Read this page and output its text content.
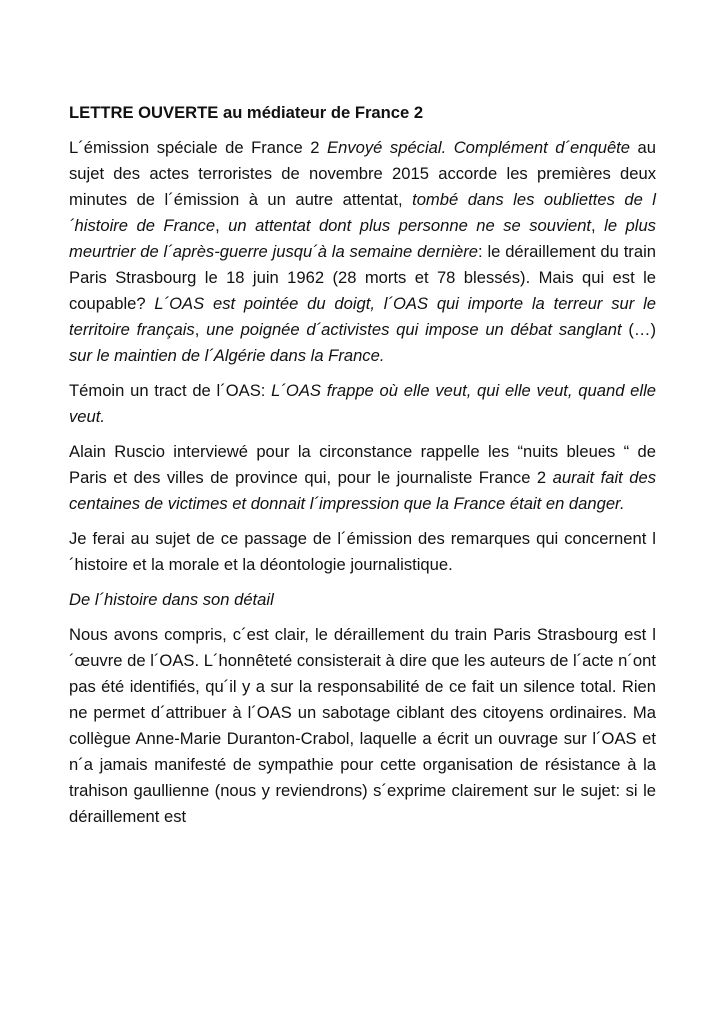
LETTRE OUVERTE au médiateur de France 2

L´émission spéciale de France 2 Envoyé spécial. Complément d´enquête au sujet des actes terroristes de novembre 2015 accorde les premières deux minutes de l´émission à un autre attentat, tombé dans les oubliettes de l´histoire de France, un attentat dont plus personne ne se souvient, le plus meurtrier de l´après-guerre jusqu´à la semaine dernière: le déraillement du train Paris Strasbourg le 18 juin 1962 (28 morts et 78 blessés). Mais qui est le coupable? L´OAS est pointée du doigt, l´OAS qui importe la terreur sur le territoire français, une poignée d´activistes qui impose un débat sanglant (…) sur le maintien de l´Algérie dans la France.

Témoin un tract de l´OAS: L´OAS frappe où elle veut, qui elle veut, quand elle veut.

Alain Ruscio interviewé pour la circonstance rappelle les “nuits bleues “ de Paris et des villes de province qui, pour le journaliste France 2 aurait fait des centaines de victimes et donnait l´impression que la France était en danger.

Je ferai au sujet de ce passage de l´émission des remarques qui concernent l´histoire et la morale et la déontologie journalistique.

De l´histoire dans son détail

Nous avons compris, c´est clair, le déraillement du train Paris Strasbourg est l´œuvre de l´OAS. L´honnêteté consisterait à dire que les auteurs de l´acte n´ont pas été identifiés, qu´il y a sur la responsabilité de ce fait un silence total. Rien ne permet d´attribuer à l´OAS un sabotage ciblant des citoyens ordinaires. Ma collègue Anne-Marie Duranton-Crabol, laquelle a écrit un ouvrage sur l´OAS et n´a jamais manifesté de sympathie pour cette organisation de résistance à la trahison gaullienne (nous y reviendrons) s´exprime clairement sur le sujet: si le déraillement est
